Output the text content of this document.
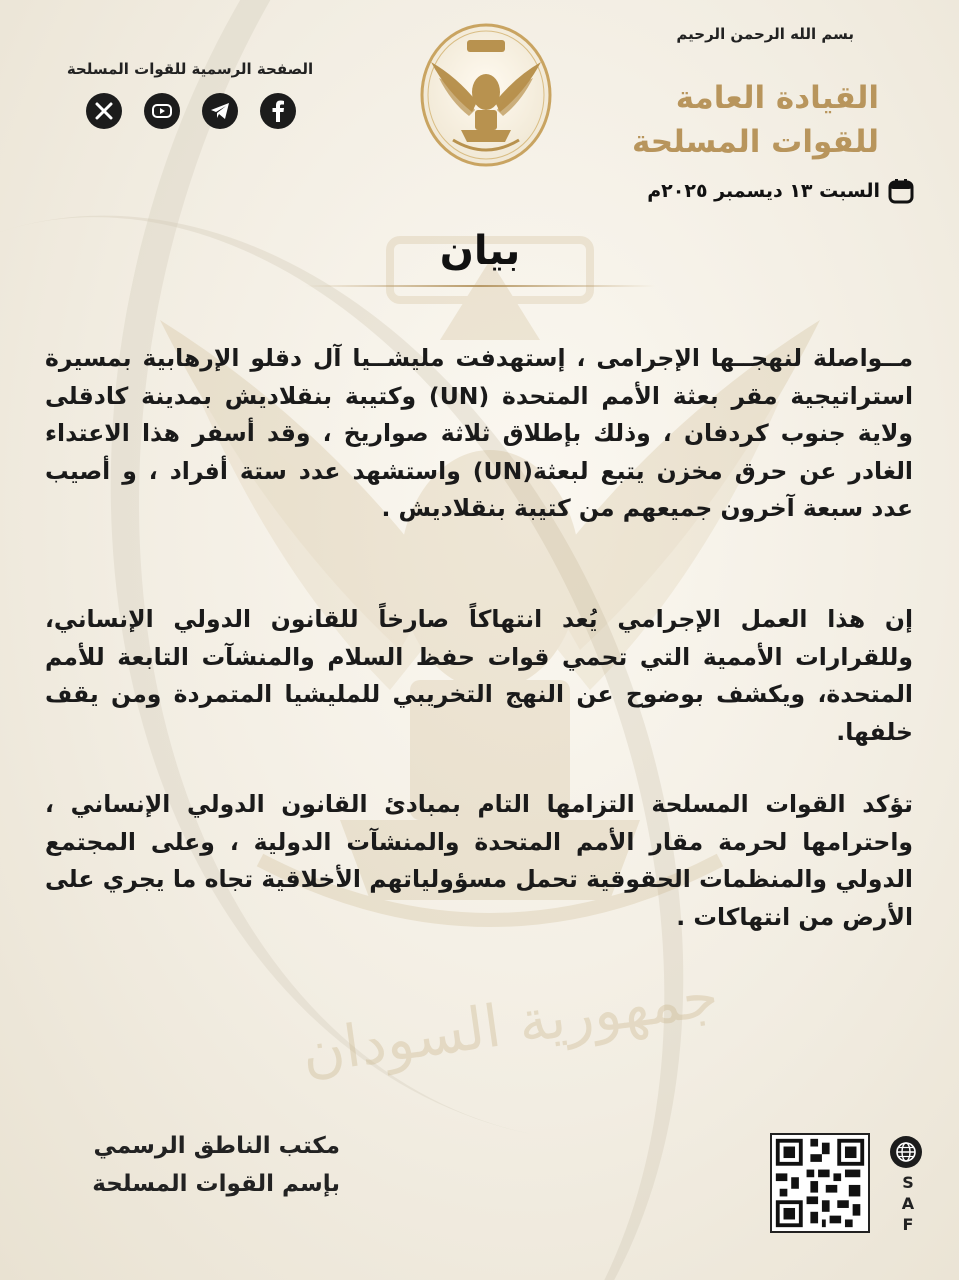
جمهورية السودان
الصفحة الرسمية للقوات المسلحة
بسم الله الرحمن الرحيم
القيادة العامة
للقوات المسلحة
السبت ١٣ ديسمبر ٢٠٢٥م
بيان
مــواصلة لنهجــها الإجرامى ، إستهدفت مليشــيا آل دقلو الإرهابية بمسيرة استراتيجية مقر بعثة الأمم المتحدة (UN) وكتيبة بنقلاديش بمدينة كادقلى ولاية جنوب كردفان ، وذلك بإطلاق ثلاثة صواريخ ، وقد أسفر هذا الاعتداء الغادر عن حرق مخزن يتبع لبعثة(UN) واستشهد عدد ستة أفراد ، و أصيب عدد سبعة آخرون جميعهم من كتيبة بنقلاديش .
إن هذا العمل الإجرامي يُعد انتهاكاً صارخاً للقانون الدولي الإنساني، وللقرارات الأممية التي تحمي قوات حفظ السلام والمنشآت التابعة للأمم المتحدة، ويكشف بوضوح عن النهج التخريبي للمليشيا المتمردة ومن يقف خلفها.
تؤكد القوات المسلحة التزامها التام بمبادئ القانون الدولي الإنساني ، واحترامها لحرمة مقار الأمم المتحدة والمنشآت الدولية ، وعلى المجتمع الدولي والمنظمات الحقوقية تحمل مسؤولياتهم الأخلاقية تجاه ما يجري على الأرض من انتهاكات .
مكتب الناطق الرسمي
بإسم القوات المسلحة	S
A
F
